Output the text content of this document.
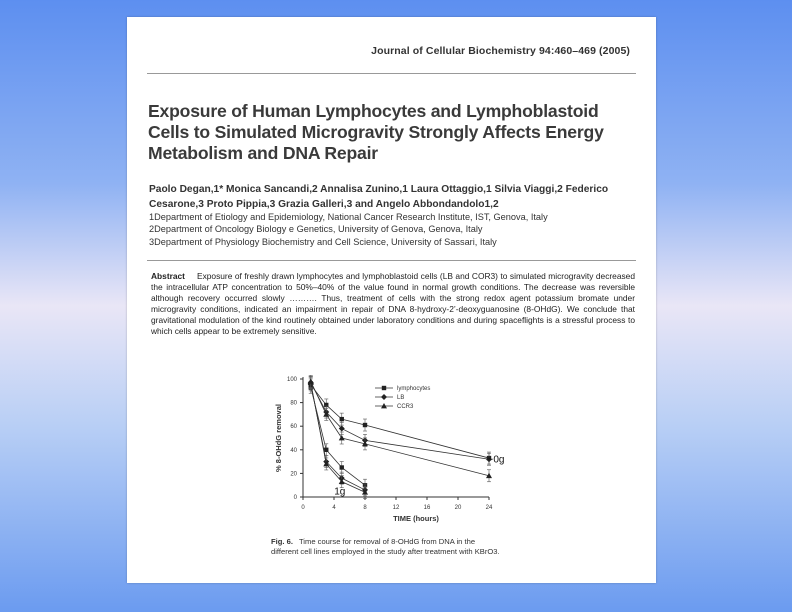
Journal of Cellular Biochemistry 94:460–469 (2005)
Exposure of Human Lymphocytes and Lymphoblastoid Cells to Simulated Microgravity Strongly Affects Energy Metabolism and DNA Repair
Paolo Degan,1* Monica Sancandi,2 Annalisa Zunino,1 Laura Ottaggio,1 Silvia Viaggi,2 Federico Cesarone,3 Proto Pippia,3 Grazia Galleri,3 and Angelo Abbondandolo1,2
1Department of Etiology and Epidemiology, National Cancer Research Institute, IST, Genova, Italy
2Department of Oncology Biology e Genetics, University of Genova, Genova, Italy
3Department of Physiology Biochemistry and Cell Science, University of Sassari, Italy
Abstract Exposure of freshly drawn lymphocytes and lymphoblastoid cells (LB and COR3) to simulated microgravity decreased the intracellular ATP concentration to 50%–40% of the value found in normal growth conditions. The decrease was reversible although recovery occurred slowly ………. Thus, treatment of cells with the strong redox agent potassium bromate under microgravity conditions, indicated an impairment in repair of DNA 8-hydroxy-2’-deoxyguanosine (8-OHdG). We conclude that gravitational modulation of the kind routinely obtained under laboratory conditions and during spaceflights is a stressful process to which cells appear to be extremely sensitive.
0	4	8	12	16	20	24
0
20
40
60
80
100
TIME (hours)
% 8-OHdG removal
lymphocytes
LB
CCR3
~0g
1g
Fig. 6. Time course for removal of 8-OHdG from DNA in the different cell lines employed in the study after treatment with KBrO3.
